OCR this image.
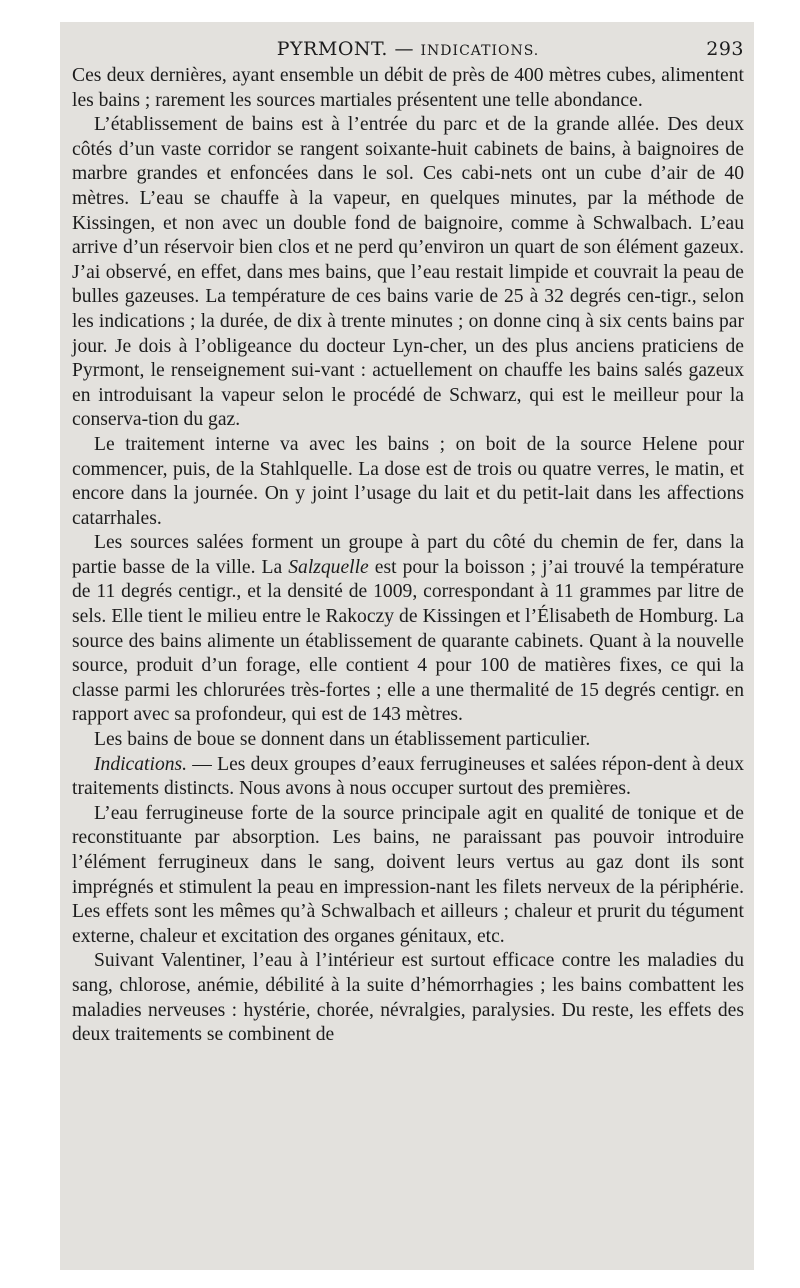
PYRMONT. — INDICATIONS.	293

Ces deux dernières, ayant ensemble un débit de près de 400 mètres cubes, alimentent les bains ; rarement les sources martiales présentent une telle abondance.

L’établissement de bains est à l’entrée du parc et de la grande allée. Des deux côtés d’un vaste corridor se rangent soixante-huit cabinets de bains, à baignoires de marbre grandes et enfoncées dans le sol. Ces cabi-nets ont un cube d’air de 40 mètres. L’eau se chauffe à la vapeur, en quelques minutes, par la méthode de Kissingen, et non avec un double fond de baignoire, comme à Schwalbach. L’eau arrive d’un réservoir bien clos et ne perd qu’environ un quart de son élément gazeux. J’ai observé, en effet, dans mes bains, que l’eau restait limpide et couvrait la peau de bulles gazeuses. La température de ces bains varie de 25 à 32 degrés cen-tigr., selon les indications ; la durée, de dix à trente minutes ; on donne cinq à six cents bains par jour. Je dois à l’obligeance du docteur Lyn-cher, un des plus anciens praticiens de Pyrmont, le renseignement sui-vant : actuellement on chauffe les bains salés gazeux en introduisant la vapeur selon le procédé de Schwarz, qui est le meilleur pour la conserva-tion du gaz.

Le traitement interne va avec les bains ; on boit de la source Helene pour commencer, puis, de la Stahlquelle. La dose est de trois ou quatre verres, le matin, et encore dans la journée. On y joint l’usage du lait et du petit-lait dans les affections catarrhales.

Les sources salées forment un groupe à part du côté du chemin de fer, dans la partie basse de la ville. La Salzquelle est pour la boisson ; j’ai trouvé la température de 11 degrés centigr., et la densité de 1009, correspondant à 11 grammes par litre de sels. Elle tient le milieu entre le Rakoczy de Kissingen et l’Élisabeth de Homburg. La source des bains alimente un établissement de quarante cabinets. Quant à la nouvelle source, produit d’un forage, elle contient 4 pour 100 de matières fixes, ce qui la classe parmi les chlorurées très-fortes ; elle a une thermalité de 15 degrés centigr. en rapport avec sa profondeur, qui est de 143 mètres.

Les bains de boue se donnent dans un établissement particulier.

Indications. — Les deux groupes d’eaux ferrugineuses et salées répon-dent à deux traitements distincts. Nous avons à nous occuper surtout des premières.

L’eau ferrugineuse forte de la source principale agit en qualité de tonique et de reconstituante par absorption. Les bains, ne paraissant pas pouvoir introduire l’élément ferrugineux dans le sang, doivent leurs vertus au gaz dont ils sont imprégnés et stimulent la peau en impression-nant les filets nerveux de la périphérie. Les effets sont les mêmes qu’à Schwalbach et ailleurs ; chaleur et prurit du tégument externe, chaleur et excitation des organes génitaux, etc.

Suivant Valentiner, l’eau à l’intérieur est surtout efficace contre les maladies du sang, chlorose, anémie, débilité à la suite d’hémorrhagies ; les bains combattent les maladies nerveuses : hystérie, chorée, névralgies, paralysies. Du reste, les effets des deux traitements se combinent de
